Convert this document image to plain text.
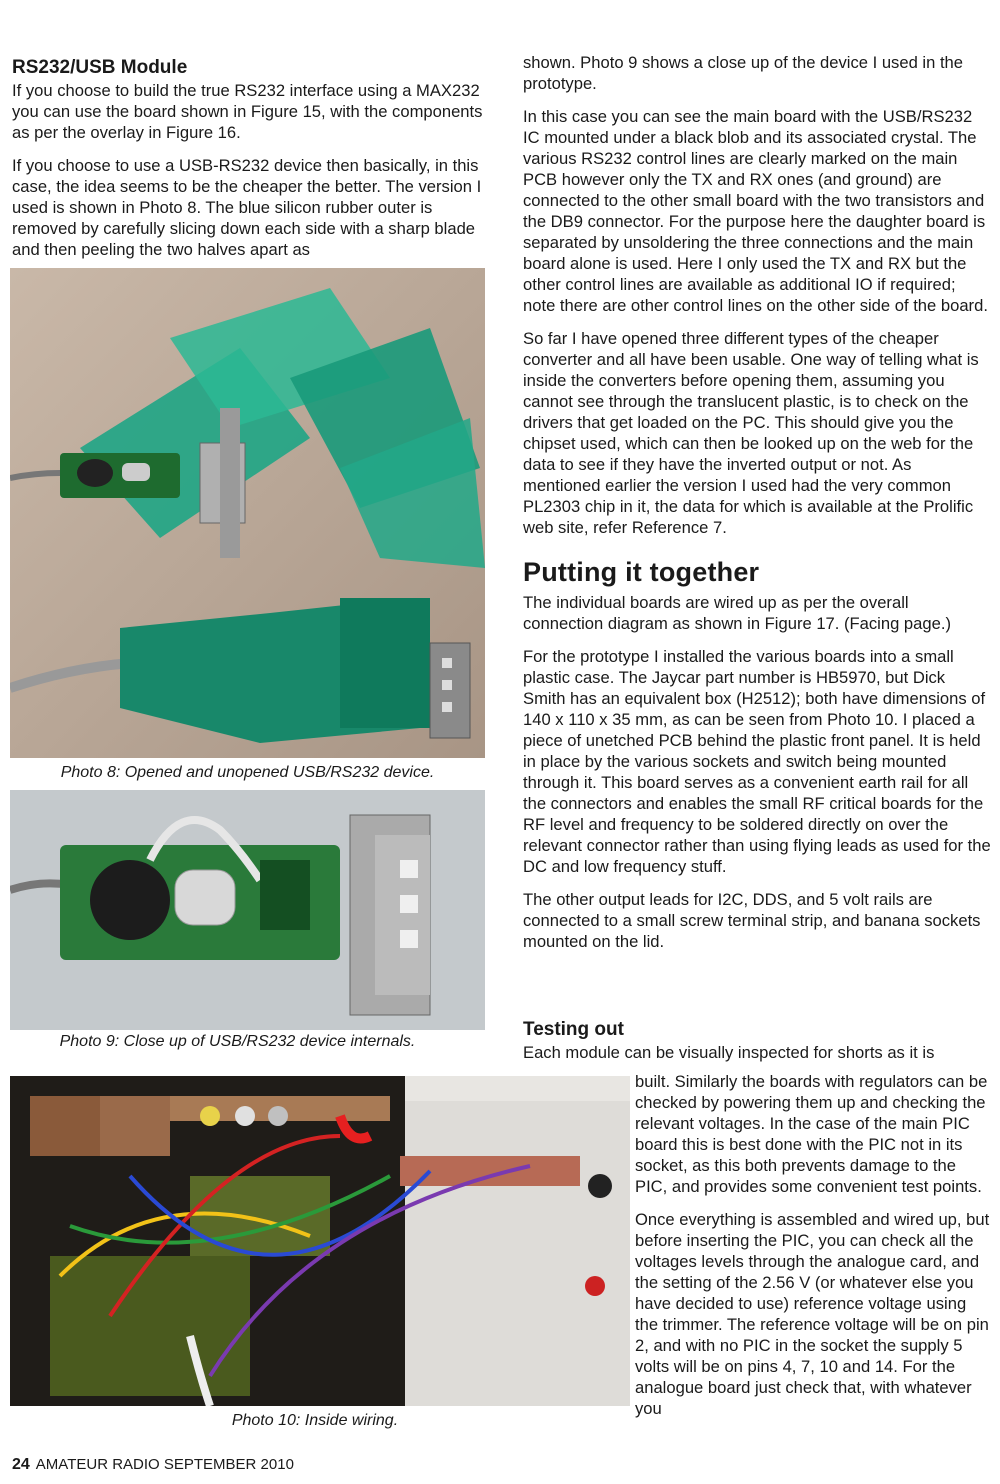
RS232/USB Module

If you choose to build the true RS232 interface using a MAX232 you can use the board shown in Figure 15, with the components as per the overlay in Figure 16.

If you choose to use a USB-RS232 device then basically, in this case, the idea seems to be the cheaper the better. The version I used is shown in Photo 8. The blue silicon rubber outer is removed by carefully slicing down each side with a sharp blade and then peeling the two halves apart as

Photo 8: Opened and unopened USB/RS232 device.
Photo 9: Close up of USB/RS232 device internals.
Photo 10: Inside wiring.

shown. Photo 9 shows a close up of the device I used in the prototype.

In this case you can see the main board with the USB/RS232 IC mounted under a black blob and its associated crystal. The various RS232 control lines are clearly marked on the main PCB however only the TX and RX ones (and ground) are connected to the other small board with the two transistors and the DB9 connector. For the purpose here the daughter board is separated by unsoldering the three connections and the main board alone is used. Here I only used the TX and RX but the other control lines are available as additional IO if required; note there are other control lines on the other side of the board.

So far I have opened three different types of the cheaper converter and all have been usable. One way of telling what is inside the converters before opening them, assuming you cannot see through the translucent plastic, is to check on the drivers that get loaded on the PC. This should give you the chipset used, which can then be looked up on the web for the data to see if they have the inverted output or not. As mentioned earlier the version I used had the very common PL2303 chip in it, the data for which is available at the Prolific web site, refer Reference 7.

Putting it together

The individual boards are wired up as per the overall connection diagram as shown in Figure 17. (Facing page.)

For the prototype I installed the various boards into a small plastic case. The Jaycar part number is HB5970, but Dick Smith has an equivalent box (H2512); both have dimensions of 140 x 110 x 35 mm, as can be seen from Photo 10. I placed a piece of unetched PCB behind the plastic front panel. It is held in place by the various sockets and switch being mounted through it. This board serves as a convenient earth rail for all the connectors and enables the small RF critical boards for the RF level and frequency to be soldered directly on over the relevant connector rather than using flying leads as used for the DC and low frequency stuff.

The other output leads for I2C, DDS, and 5 volt rails are connected to a small screw terminal strip, and banana sockets mounted on the lid.

Testing out

Each module can be visually inspected for shorts as it is

built. Similarly the boards with regulators can be checked by powering them up and checking the relevant voltages. In the case of the main PIC board this is best done with the PIC not in its socket, as this both prevents damage to the PIC, and provides some convenient test points.

Once everything is assembled and wired up, but before inserting the PIC, you can check all the voltages levels through the analogue card, and the setting of the 2.56 V (or whatever else you have decided to use) reference voltage using the trimmer. The reference voltage will be on pin 2, and with no PIC in the socket the supply 5 volts will be on pins 4, 7, 10 and 14. For the analogue board just check that, with whatever you

24 AMATEUR RADIO SEPTEMBER 2010
